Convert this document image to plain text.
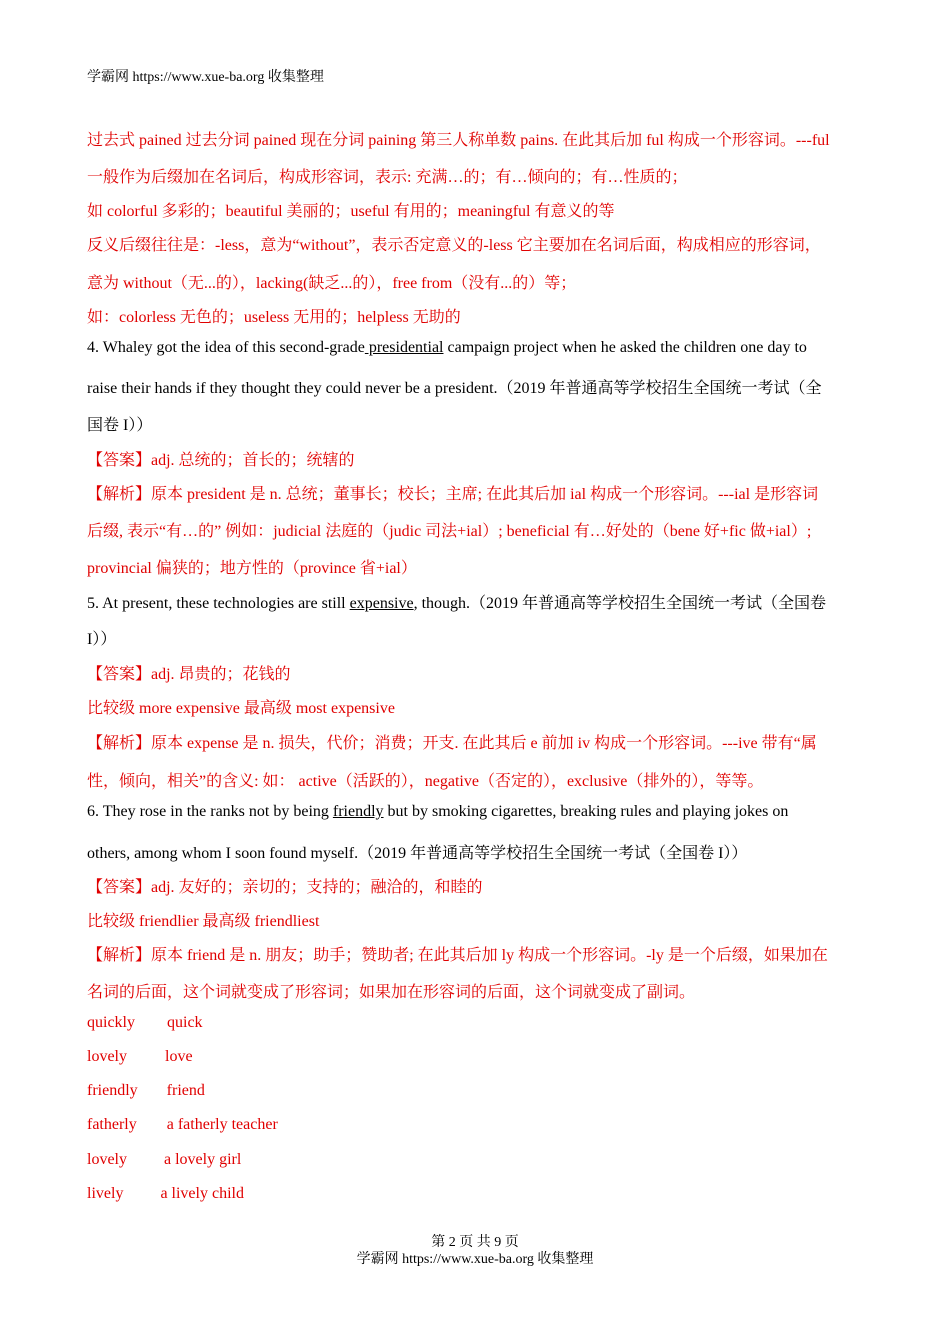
学霸网 https://www.xue-ba.org 收集整理
过去式 pained 过去分词 pained 现在分词 paining 第三人称单数 pains. 在此其后加 ful 构成一个形容词。---ful
一般作为后缀加在名词后，构成形容词，表示: 充满…的；有…倾向的；有…性质的；
如 colorful 多彩的；beautiful 美丽的；useful 有用的；meaningful 有意义的等
反义后缀往往是：-less，意为“without”，表示否定意义的-less 它主要加在名词后面，构成相应的形容词，
意为 without（无...的），lacking(缺乏...的），free from（没有...的）等；
如：colorless 无色的；useless 无用的；helpless 无助的
4. Whaley got the idea of this second-grade presidential campaign project when he asked the children one day to
raise their hands if they thought they could never be a president.（2019 年普通高等学校招生全国统一考试（全
国卷 I））
【答案】adj. 总统的；首长的；统辖的
【解析】原本 president 是 n. 总统；董事长；校长；主席; 在此其后加 ial 构成一个形容词。---ial 是形容词
后缀, 表示“有…的” 例如：judicial 法庭的（judic 司法+ial）; beneficial 有…好处的（bene 好+fic 做+ial）;
provincial 偏狭的；地方性的（province 省+ial）
5. At present, these technologies are still expensive, though.（2019 年普通高等学校招生全国统一考试（全国卷
I））
【答案】adj. 昂贵的；花钱的
比较级 more expensive 最高级 most expensive
【解析】原本 expense 是 n. 损失，代价；消费；开支. 在此其后 e 前加 iv 构成一个形容词。---ive 带有“属
性，倾向，相关”的含义: 如： active（活跃的），negative（否定的），exclusive（排外的），等等。
6. They rose in the ranks not by being friendly but by smoking cigarettes, breaking rules and playing jokes on
others, among whom I soon found myself.（2019 年普通高等学校招生全国统一考试（全国卷 I））
【答案】adj. 友好的；亲切的；支持的；融洽的，和睦的
比较级 friendlier 最高级 friendliest
【解析】原本 friend 是 n. 朋友；助手；赞助者; 在此其后加 ly 构成一个形容词。-ly 是一个后缀，如果加在
名词的后面，这个词就变成了形容词；如果加在形容词的后面，这个词就变成了副词。
quickly quick
lovely love
friendly friend
fatherly a fatherly teacher
lovely a lovely girl
lively a lively child
第 2 页 共 9 页
学霸网 https://www.xue-ba.org 收集整理
